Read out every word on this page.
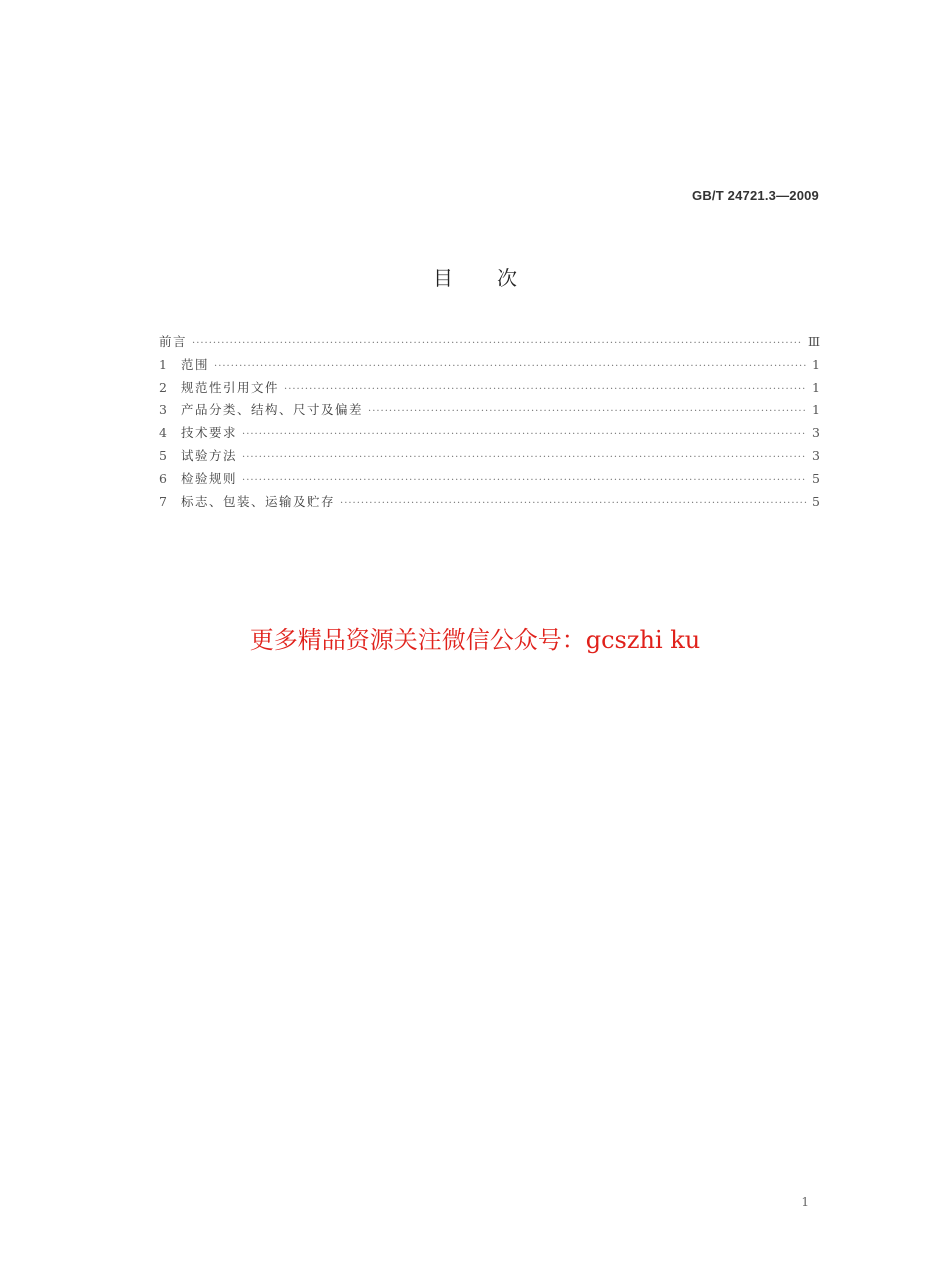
GB/T 24721.3—2009
目 次
前言 ·····	Ⅲ
1	范围 ·····	1
2	规范性引用文件 ·····	1
3	产品分类、结构、尺寸及偏差 ·····	1
4	技术要求 ·····	3
5	试验方法 ·····	3
6	检验规则 ·····	5
7	标志、包装、运输及贮存 ·····	5
更多精品资源关注微信公众号：gcszhi ku
1
